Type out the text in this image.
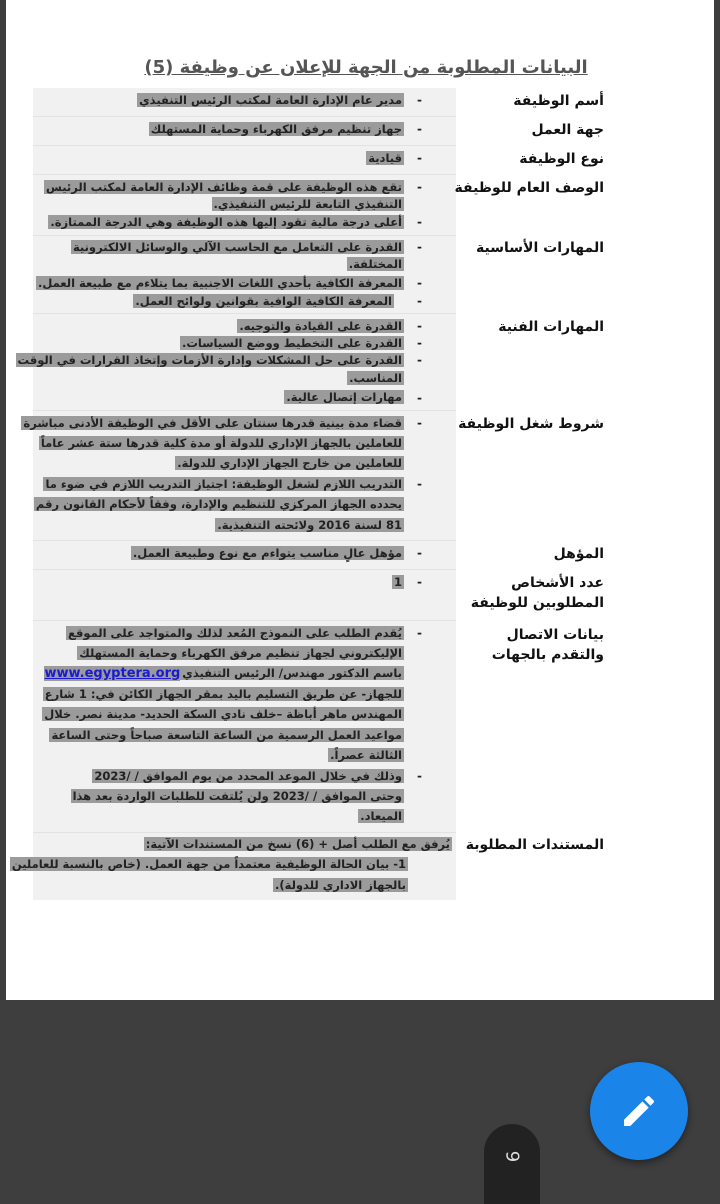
البيانات المطلوبة من الجهة للإعلان عن وظيفة (5)
أسم الوظيفة
جهة العمل
نوع الوظيفة
الوصف العام للوظيفة
المهارات الأساسية
المهارات الفنية
شروط شغل الوظيفة
المؤهل
عدد الأشخاص المطلوبين للوظيفة
بيانات الاتصال والتقدم بالجهات
المستندات المطلوبة
-
مدير عام الإدارة العامة لمكتب الرئيس التنفيذي
-
جهاز تنظيم مرفق الكهرباء وحماية المستهلك
-
قيادية
-
تقع هذه الوظيفة على قمة وظائف الإدارة العامة لمكتب الرئيس
التنفيذي التابعة للرئيس التنفيذي.
-
أعلى درجة مالية تقود إليها هذه الوظيفة وهي الدرجة الممتازة.
-
القدرة على التعامل مع الحاسب الآلي والوسائل الالكترونية
المختلفة.
-
المعرفة الكافية بأحدي اللغات الاجنبية بما يتلاءم مع طبيعة العمل.
-
المعرفة الكافية الوافية بقوانين ولوائح العمل.
-
القدرة على القيادة والتوجيه.
-
القدرة على التخطيط ووضع السياسات.
-
القدرة على حل المشكلات وإدارة الأزمات وإتخاذ القرارات في الوقت
المناسب.
-
مهارات إتصال عالية.
-
قضاء مدة بينية قدرها سنتان على الأقل في الوظيفة الأدنى مباشرة
للعاملين بالجهاز الإداري للدولة أو مدة كلية قدرها ستة عشر عاماً
للعاملين من خارج الجهاز الإداري للدولة.
-
التدريب اللازم لشغل الوظيفة: اجتياز التدريب اللازم في ضوء ما
يحدده الجهاز المركزي للتنظيم والإدارة، وفقاً لأحكام القانون رقم
81 لسنة 2016 ولائحته التنفيذية.
-
مؤهل عالٍ مناسب يتواءم مع نوع وطبيعة العمل.
-
1
-
يُقدم الطلب على النموذج المُعد لذلك والمتواجد على الموقع
الإليكتروني لجهاز تنظيم مرفق الكهرباء وحماية المستهلك
باسم الدكتور مهندس/ الرئيس التنفيذيwww.egyptera.org
للجهاز- عن طريق التسليم باليد بمقر الجهاز الكائن في: 1 شارع
المهندس ماهر أباظة –خلف نادي السكة الحديد- مدينة نصر. خلال
مواعيد العمل الرسمية من الساعة التاسعة صباحاً وحتى الساعة
الثالثة عصراً.
-
وذلك في خلال الموعد المحدد من يوم الموافق / /2023
وحتى الموافق / /2023 ولن يُلتفت للطلبات الواردة بعد هذا
الميعاد.
يُرفق مع الطلب أصل + (6) نسخ من المستندات الآتية:
1- بيان الحالة الوظيفية معتمداً من جهة العمل. (خاص بالنسبة للعاملين
بالجهاز الاداري للدولة).
9
